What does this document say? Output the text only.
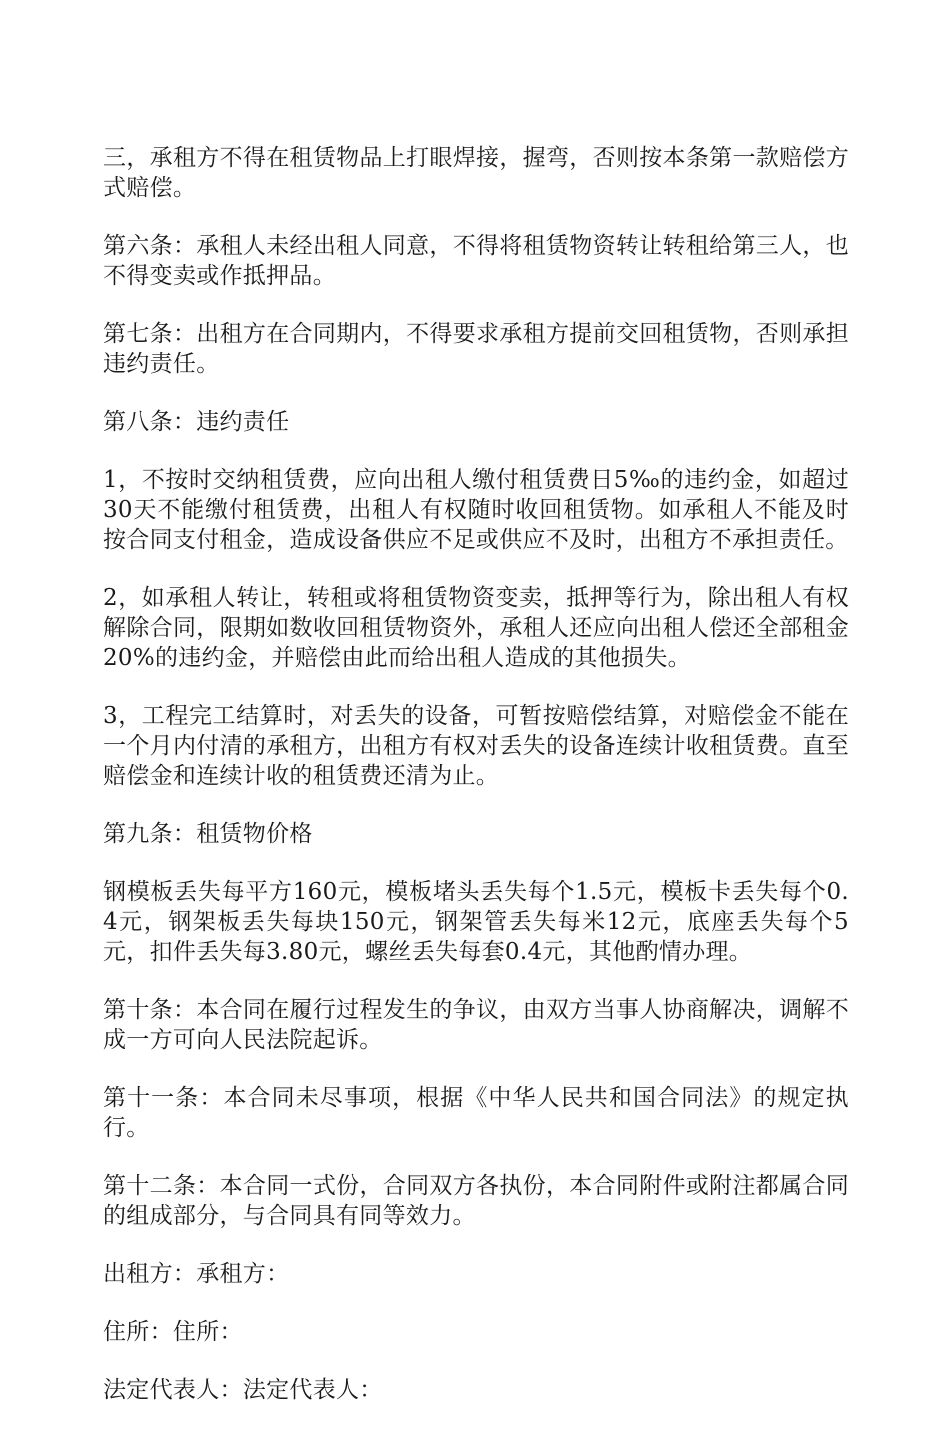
三，承租方不得在租赁物品上打眼焊接，握弯，否则按本条第一款赔偿方式赔偿。

第六条：承租人未经出租人同意，不得将租赁物资转让转租给第三人，也不得变卖或作抵押品。

第七条：出租方在合同期内，不得要求承租方提前交回租赁物，否则承担违约责任。

第八条：违约责任

1，不按时交纳租赁费，应向出租人缴付租赁费日5‰的违约金，如超过30天不能缴付租赁费，出租人有权随时收回租赁物。如承租人不能及时按合同支付租金，造成设备供应不足或供应不及时，出租方不承担责任。

2，如承租人转让，转租或将租赁物资变卖，抵押等行为，除出租人有权解除合同，限期如数收回租赁物资外，承租人还应向出租人偿还全部租金20%的违约金，并赔偿由此而给出租人造成的其他损失。

3，工程完工结算时，对丢失的设备，可暂按赔偿结算，对赔偿金不能在一个月内付清的承租方，出租方有权对丢失的设备连续计收租赁费。直至赔偿金和连续计收的租赁费还清为止。

第九条：租赁物价格

钢模板丢失每平方160元，模板堵头丢失每个1.5元，模板卡丢失每个0.4元，钢架板丢失每块150元，钢架管丢失每米12元，底座丢失每个5元，扣件丢失每3.80元，螺丝丢失每套0.4元，其他酌情办理。

第十条：本合同在履行过程发生的争议，由双方当事人协商解决，调解不成一方可向人民法院起诉。

第十一条：本合同未尽事项，根据《中华人民共和国合同法》的规定执行。

第十二条：本合同一式份，合同双方各执份，本合同附件或附注都属合同的组成部分，与合同具有同等效力。

出租方：承租方：

住所：住所：

法定代表人：法定代表人：
